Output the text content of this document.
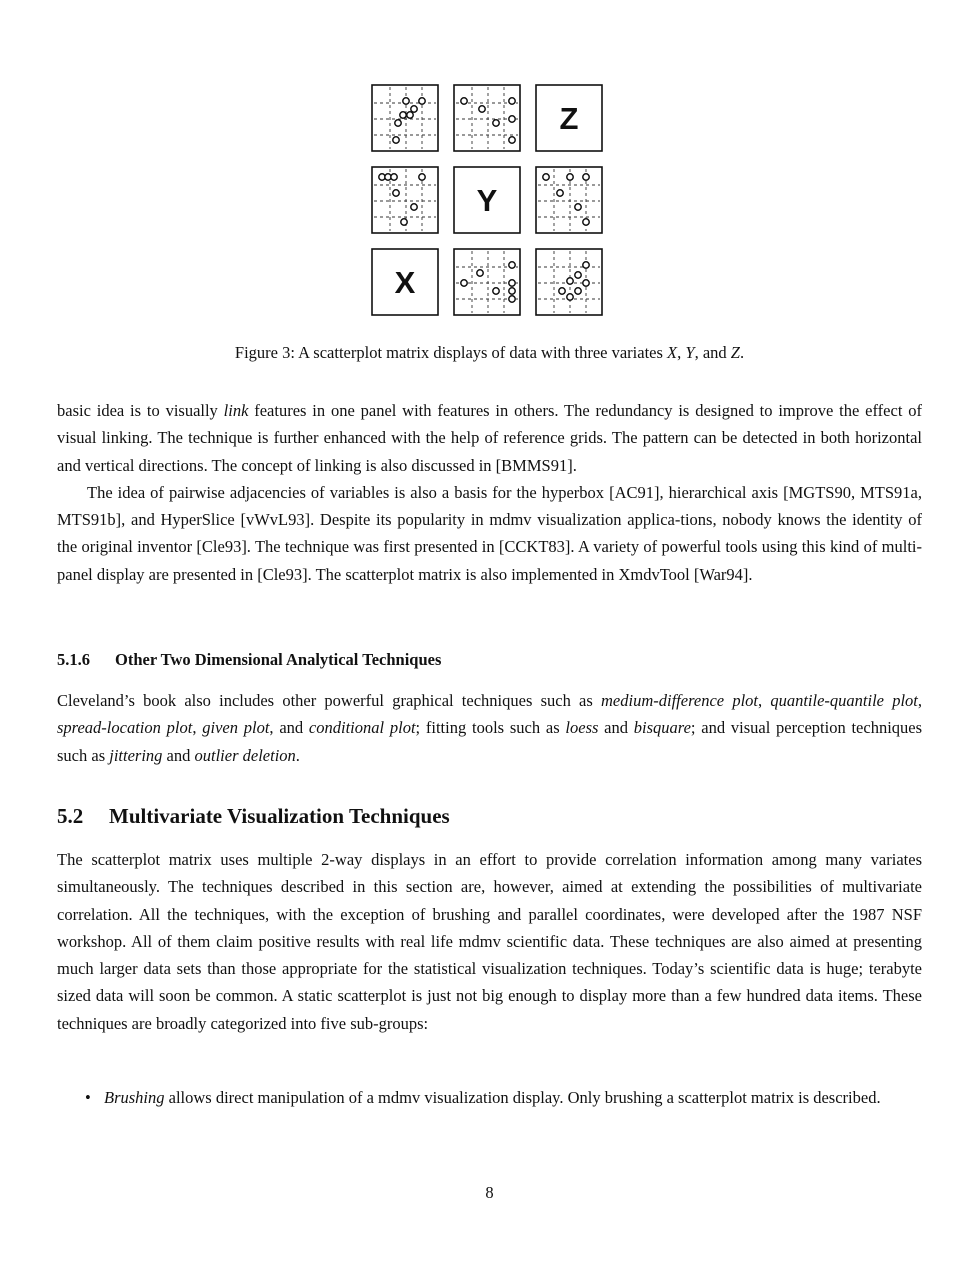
Z
Y
X
Figure 3: A scatterplot matrix displays of data with three variates X, Y, and Z.

basic idea is to visually link features in one panel with features in others. The redundancy is designed to improve the effect of visual linking. The technique is further enhanced with the help of reference grids. The pattern can be detected in both horizontal and vertical directions. The concept of linking is also discussed in [BMMS91].

The idea of pairwise adjacencies of variables is also a basis for the hyperbox [AC91], hierarchical axis [MGTS90, MTS91a, MTS91b], and HyperSlice [vWvL93]. Despite its popularity in mdmv visualization applica-tions, nobody knows the identity of the original inventor [Cle93]. The technique was first presented in [CCKT83]. A variety of powerful tools using this kind of multi-panel display are presented in [Cle93]. The scatterplot matrix is also implemented in XmdvTool [War94].

5.1.6 Other Two Dimensional Analytical Techniques

Cleveland’s book also includes other powerful graphical techniques such as medium-difference plot, quantile-quantile plot, spread-location plot, given plot, and conditional plot; fitting tools such as loess and bisquare; and visual perception techniques such as jittering and outlier deletion.

5.2 Multivariate Visualization Techniques

The scatterplot matrix uses multiple 2-way displays in an effort to provide correlation information among many variates simultaneously. The techniques described in this section are, however, aimed at extending the possibilities of multivariate correlation. All the techniques, with the exception of brushing and parallel coordinates, were developed after the 1987 NSF workshop. All of them claim positive results with real life mdmv scientific data. These techniques are also aimed at presenting much larger data sets than those appropriate for the statistical visualization techniques. Today’s scientific data is huge; terabyte sized data will soon be common. A static scatterplot is just not big enough to display more than a few hundred data items. These techniques are broadly categorized into five sub-groups:

• Brushing allows direct manipulation of a mdmv visualization display. Only brushing a scatterplot matrix is described.
8
